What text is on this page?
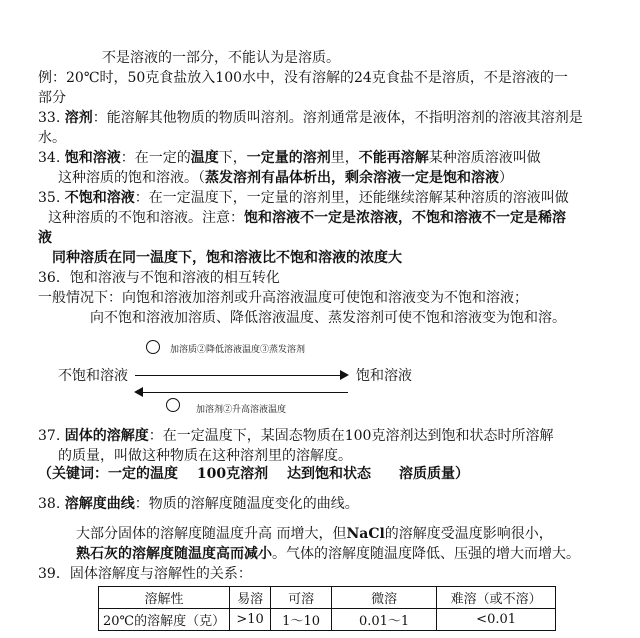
不是溶液的一部分，不能认为是溶质。
例：20℃时，50克食盐放入100水中，没有溶解的24克食盐不是溶质，不是溶液的一
部分
33. 溶剂：能溶解其他物质的物质叫溶剂。溶剂通常是液体，不指明溶剂的溶液其溶剂是
水。
34. 饱和溶液：在一定的温度下，一定量的溶剂里，不能再溶解某种溶质溶液叫做
这种溶质的饱和溶液。（蒸发溶剂有晶体析出，剩余溶液一定是饱和溶液）
35. 不饱和溶液：在一定温度下，一定量的溶剂里，还能继续溶解某种溶质的溶液叫做
这种溶质的不饱和溶液。注意：饱和溶液不一定是浓溶液，不饱和溶液不一定是稀溶
液
同种溶质在同一温度下，饱和溶液比不饱和溶液的浓度大
36．饱和溶液与不饱和溶液的相互转化
一般情况下：向饱和溶液加溶剂或升高溶液温度可使饱和溶液变为不饱和溶液；
向不饱和溶液加溶质、降低溶液温度、蒸发溶剂可使不饱和溶液变为饱和溶。
加溶质②降低溶液温度③蒸发溶剂
不饱和溶液	饱和溶液
加溶剂②升高溶液温度
37. 固体的溶解度：在一定温度下，某固态物质在100克溶剂达到饱和状态时所溶解
的质量，叫做这种物质在这种溶剂里的溶解度。
（关键词：一定的温度　 100克溶剂　 达到饱和状态　　溶质质量）
38. 溶解度曲线：物质的溶解度随温度变化的曲线。
大部分固体的溶解度随温度升高 而增大，但NaCl的溶解度受温度影响很小，
熟石灰的溶解度随温度高而减小。气体的溶解度随温度降低、压强的增大而增大。
39．固体溶解度与溶解性的关系：
溶解性	易溶	可溶	微溶	难溶（或不溶）
20℃的溶解度（克）	>10	1～10	0.01～1	<0.01
